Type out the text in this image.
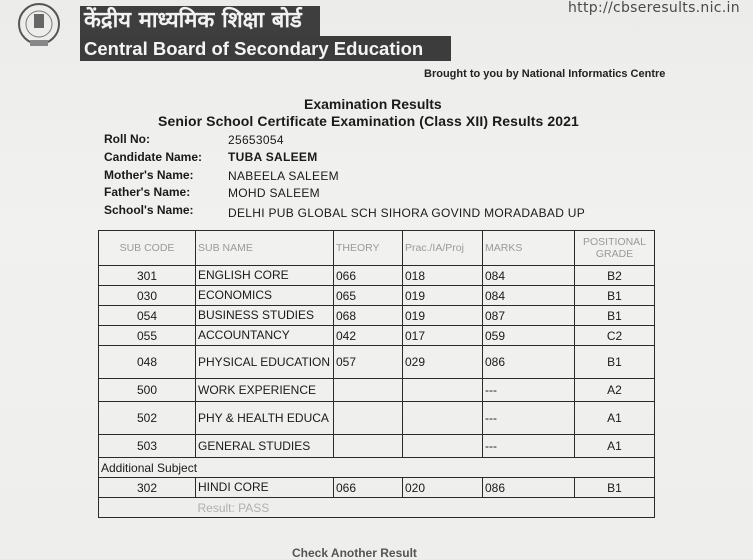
केंद्रीय माध्यमिक शिक्षा बोर्ड
Central Board of Secondary Education
http://cbseresults.nic.in
Brought to you by National Informatics Centre
Examination Results
Senior School Certificate Examination (Class XII) Results 2021
Roll No:	25653054
Candidate Name: TUBA SALEEM
Mother's Name:	NABEELA SALEEM
Father's Name:	MOHD SALEEM
School's Name:	DELHI PUB GLOBAL SCH SIHORA GOVIND MORADABAD UP
SUB CODE	SUB NAME	THEORY	Prac./IA/Proj	MARKS	POSITIONAL GRADE
301	ENGLISH CORE	066	018	084	B2
030	ECONOMICS	065	019	084	B1
054	BUSINESS STUDIES	068	019	087	B1
055	ACCOUNTANCY	042	017	059	C2
048	PHYSICAL EDUCATION	057	029	086	B1
500	WORK EXPERIENCE			---	A2
502	PHY & HEALTH EDUCA			---	A1
503	GENERAL STUDIES			---	A1
Additional Subject					
302	HINDI CORE	066	020	086	B1
	Result: PASS				
Check Another Result
